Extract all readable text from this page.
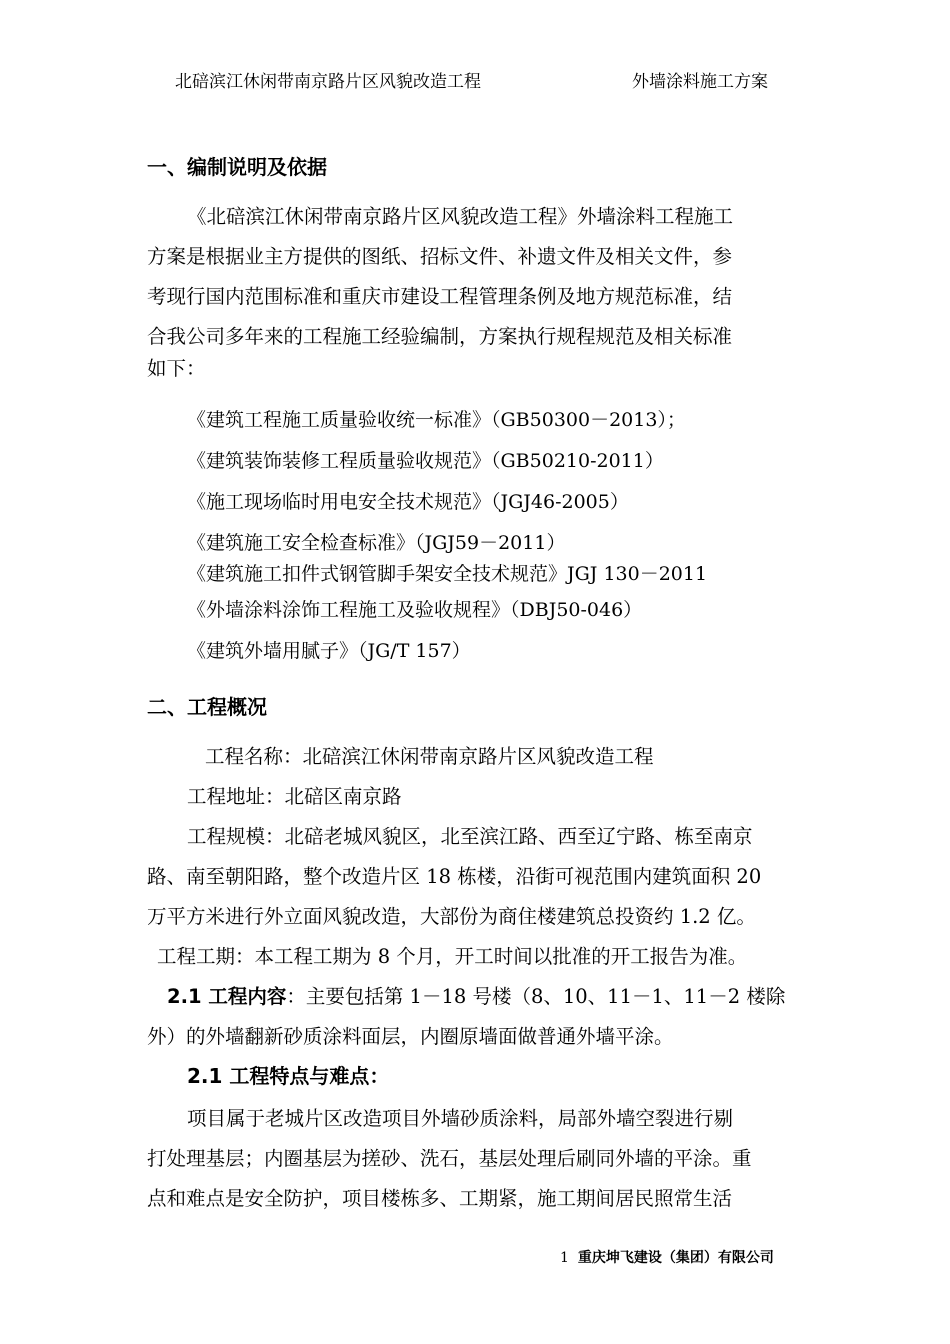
北碚滨江休闲带南京路片区风貌改造工程	外墙涂料施工方案
一、编制说明及依据
《北碚滨江休闲带南京路片区风貌改造工程》外墙涂料工程施工
方案是根据业主方提供的图纸、招标文件、补遗文件及相关文件，参
考现行国内范围标准和重庆市建设工程管理条例及地方规范标准，结
合我公司多年来的工程施工经验编制，方案执行规程规范及相关标准
如下：
《建筑工程施工质量验收统一标准》（GB50300－2013）；
《建筑装饰装修工程质量验收规范》（GB50210-2011）
《施工现场临时用电安全技术规范》（JGJ46-2005）
《建筑施工安全检查标准》（JGJ59－2011）
《建筑施工扣件式钢管脚手架安全技术规范》JGJ 130－2011
《外墙涂料涂饰工程施工及验收规程》（DBJ50-046）
《建筑外墙用腻子》（JG/T 157）
二、工程概况
工程名称：北碚滨江休闲带南京路片区风貌改造工程
工程地址：北碚区南京路
工程规模：北碚老城风貌区，北至滨江路、西至辽宁路、栋至南京
路、南至朝阳路，整个改造片区 18 栋楼，沿街可视范围内建筑面积 20
万平方米进行外立面风貌改造，大部份为商住楼建筑总投资约 1.2 亿。
工程工期：本工程工期为 8 个月，开工时间以批准的开工报告为准。
2.1 工程内容：主要包括第 1－18 号楼（8、10、11－1、11－2 楼除
外）的外墙翻新砂质涂料面层，内圈原墙面做普通外墙平涂。
2.1 工程特点与难点：
项目属于老城片区改造项目外墙砂质涂料，局部外墙空裂进行剔
打处理基层；内圈基层为搓砂、洗石，基层处理后刷同外墙的平涂。重
点和难点是安全防护，项目楼栋多、工期紧，施工期间居民照常生活
1 重庆坤飞建设（集团）有限公司
